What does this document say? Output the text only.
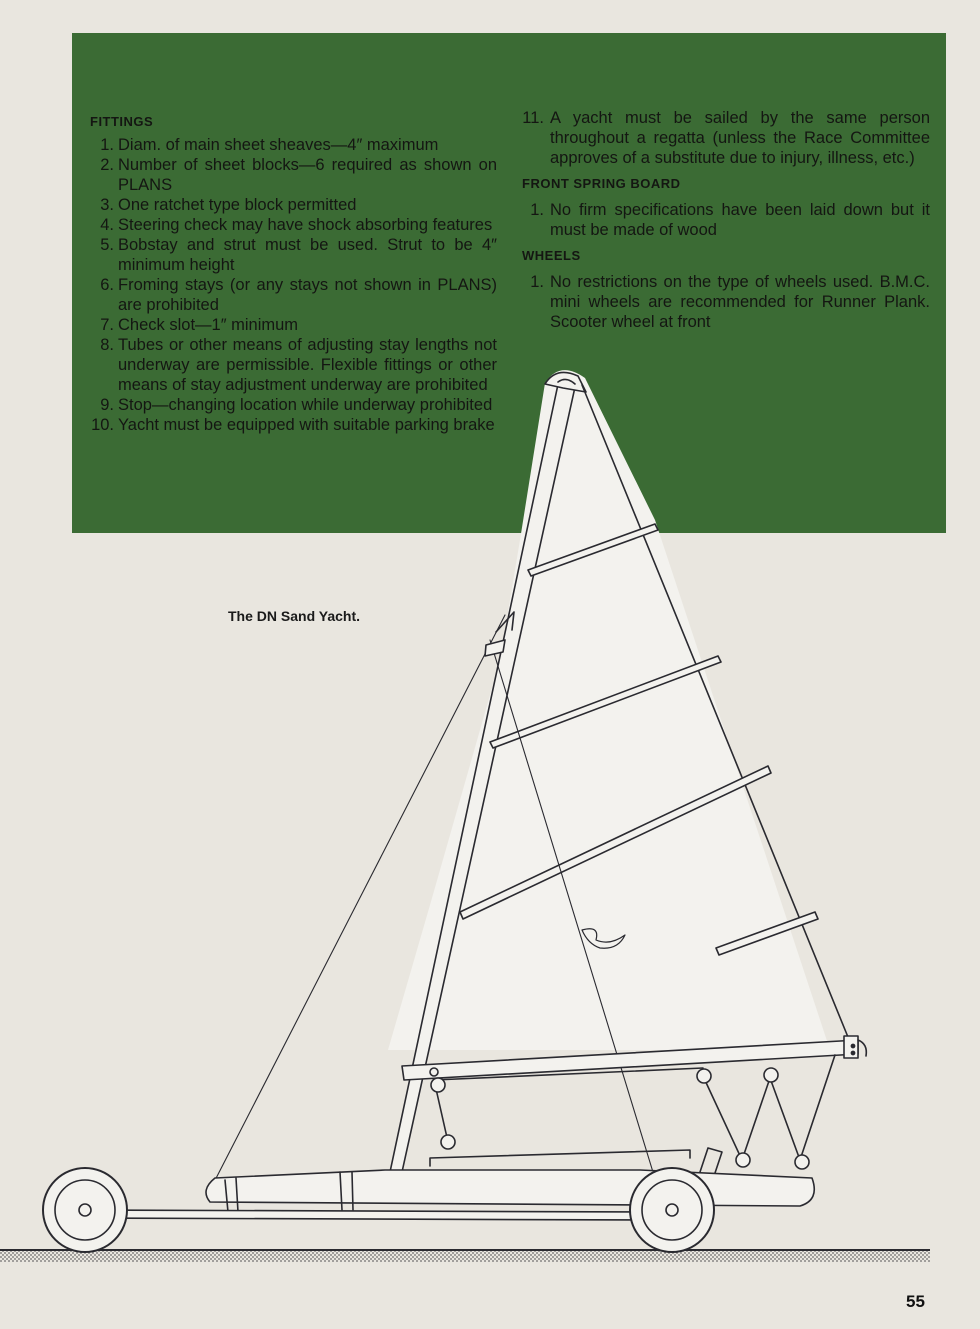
FITTINGS
1. Diam. of main sheet sheaves—4″ maximum
2. Number of sheet blocks—6 required as shown on PLANS
3. One ratchet type block permitted
4. Steering check may have shock absorbing features
5. Bobstay and strut must be used. Strut to be 4″ minimum height
6. Froming stays (or any stays not shown in PLANS) are prohibited
7. Check slot—1″ minimum
8. Tubes or other means of adjusting stay lengths not underway are permissible. Flexible fittings or other means of stay adjustment underway are prohibited
9. Stop—changing location while underway prohibited
10. Yacht must be equipped with suitable parking brake
11. A yacht must be sailed by the same person throughout a regatta (unless the Race Committee approves of a substitute due to injury, illness, etc.)
FRONT SPRING BOARD
1. No firm specifications have been laid down but it must be made of wood
WHEELS
1. No restrictions on the type of wheels used. B.M.C. mini wheels are recommended for Runner Plank. Scooter wheel at front
The DN Sand Yacht.
55
